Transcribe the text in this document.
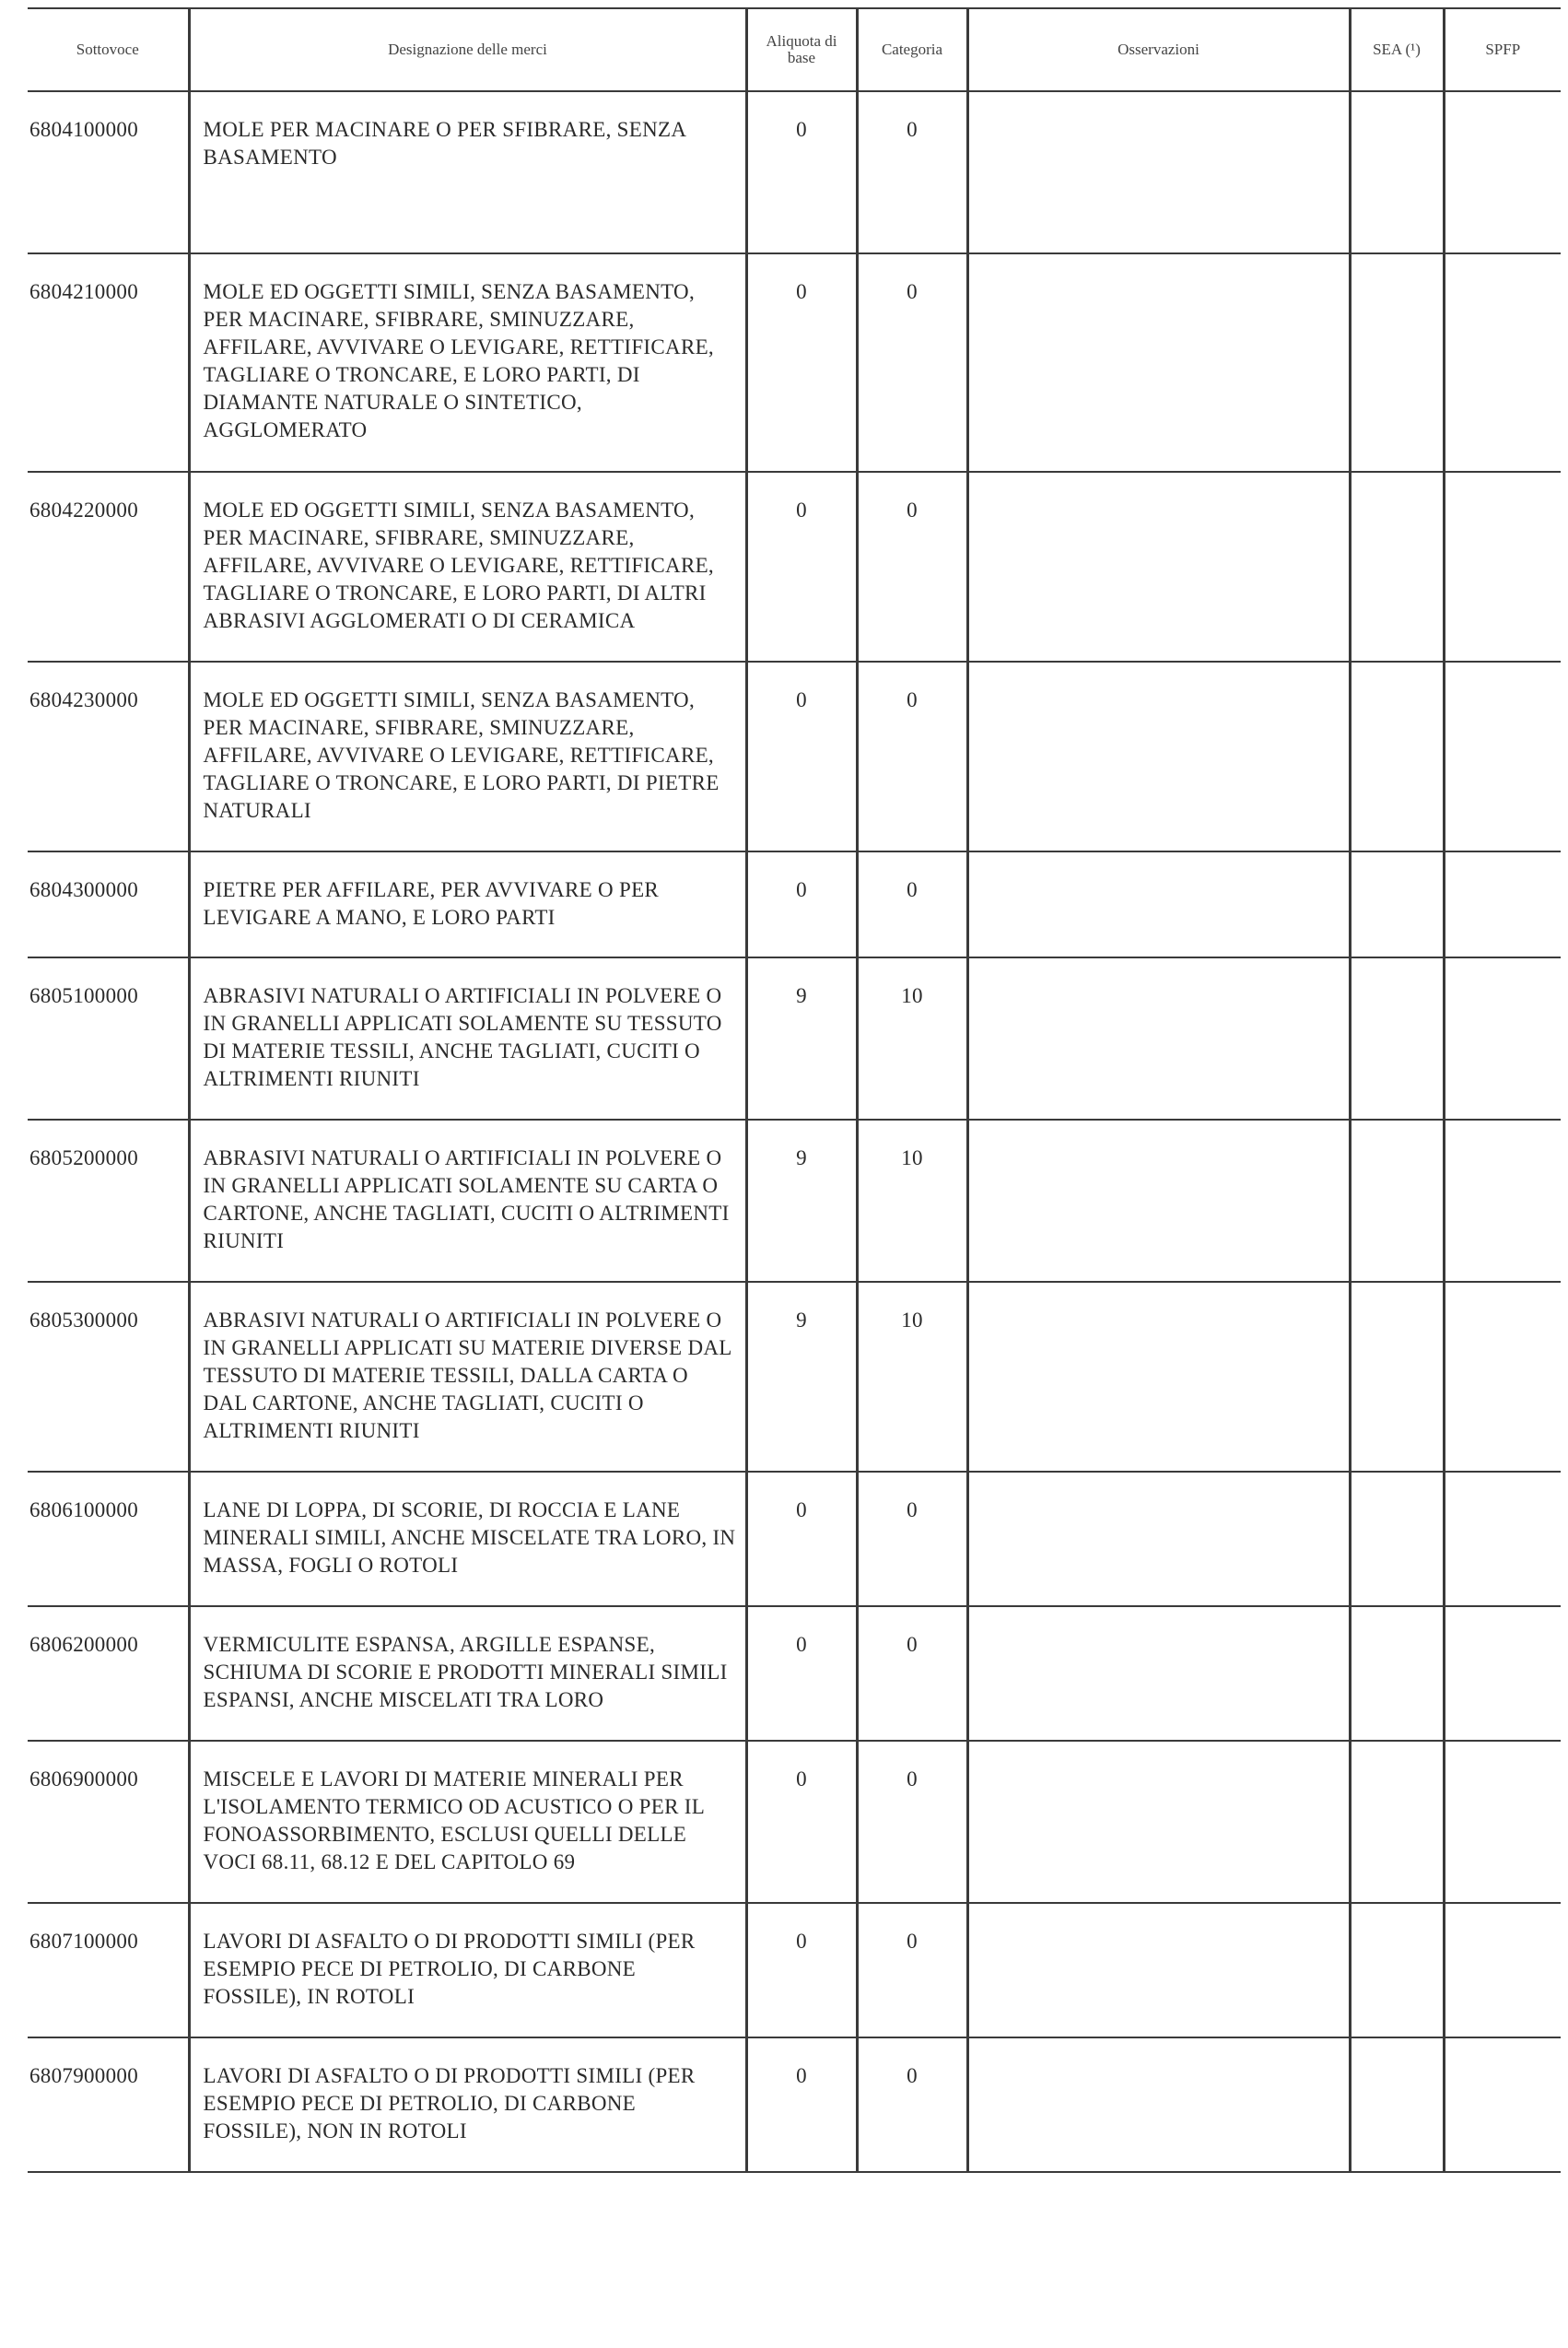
Sottovoce	Designazione delle merci	Aliquota di base	Categoria	Osservazioni	SEA (¹)	SPFP
6804100000	MOLE PER MACINARE O PER SFIBRARE, SENZA BASAMENTO	0	0			
6804210000	MOLE ED OGGETTI SIMILI, SENZA BASAMENTO, PER MACINARE, SFIBRARE, SMINUZZARE, AFFILARE, AVVIVARE O LEVIGARE, RETTIFICARE, TAGLIARE O TRONCARE, E LORO PARTI, DI DIAMANTE NATURALE O SINTETICO, AGGLOMERATO	0	0			
6804220000	MOLE ED OGGETTI SIMILI, SENZA BASAMENTO, PER MACINARE, SFIBRARE, SMINUZZARE, AFFILARE, AVVIVARE O LEVIGARE, RETTIFICARE, TAGLIARE O TRONCARE, E LORO PARTI, DI ALTRI ABRASIVI AGGLOMERATI O DI CERAMICA	0	0			
6804230000	MOLE ED OGGETTI SIMILI, SENZA BASAMENTO, PER MACINARE, SFIBRARE, SMINUZZARE, AFFILARE, AVVIVARE O LEVIGARE, RETTIFICARE, TAGLIARE O TRONCARE, E LORO PARTI, DI PIETRE NATURALI	0	0			
6804300000	PIETRE PER AFFILARE, PER AVVIVARE O PER LEVIGARE A MANO, E LORO PARTI	0	0			
6805100000	ABRASIVI NATURALI O ARTIFICIALI IN POLVERE O IN GRANELLI APPLICATI SOLAMENTE SU TESSUTO DI MATERIE TESSILI, ANCHE TAGLIATI, CUCITI O ALTRIMENTI RIUNITI	9	10			
6805200000	ABRASIVI NATURALI O ARTIFICIALI IN POLVERE O IN GRANELLI APPLICATI SOLAMENTE SU CARTA O CARTONE, ANCHE TAGLIATI, CUCITI O ALTRIMENTI RIUNITI	9	10			
6805300000	ABRASIVI NATURALI O ARTIFICIALI IN POLVERE O IN GRANELLI APPLICATI SU MATERIE DIVERSE DAL TESSUTO DI MATERIE TESSILI, DALLA CARTA O DAL CARTONE, ANCHE TAGLIATI, CUCITI O ALTRIMENTI RIUNITI	9	10			
6806100000	LANE DI LOPPA, DI SCORIE, DI ROCCIA E LANE MINERALI SIMILI, ANCHE MISCELATE TRA LORO, IN MASSA, FOGLI O ROTOLI	0	0			
6806200000	VERMICULITE ESPANSA, ARGILLE ESPANSE, SCHIUMA DI SCORIE E PRODOTTI MINERALI SIMILI ESPANSI, ANCHE MISCELATI TRA LORO	0	0			
6806900000	MISCELE E LAVORI DI MATERIE MINERALI PER L'ISOLAMENTO TERMICO OD ACUSTICO O PER IL FONOASSORBIMENTO, ESCLUSI QUELLI DELLE VOCI 68.11, 68.12 E DEL CAPITOLO 69	0	0			
6807100000	LAVORI DI ASFALTO O DI PRODOTTI SIMILI (PER ESEMPIO PECE DI PETROLIO, DI CARBONE FOSSILE), IN ROTOLI	0	0			
6807900000	LAVORI DI ASFALTO O DI PRODOTTI SIMILI (PER ESEMPIO PECE DI PETROLIO, DI CARBONE FOSSILE), NON IN ROTOLI	0	0			
